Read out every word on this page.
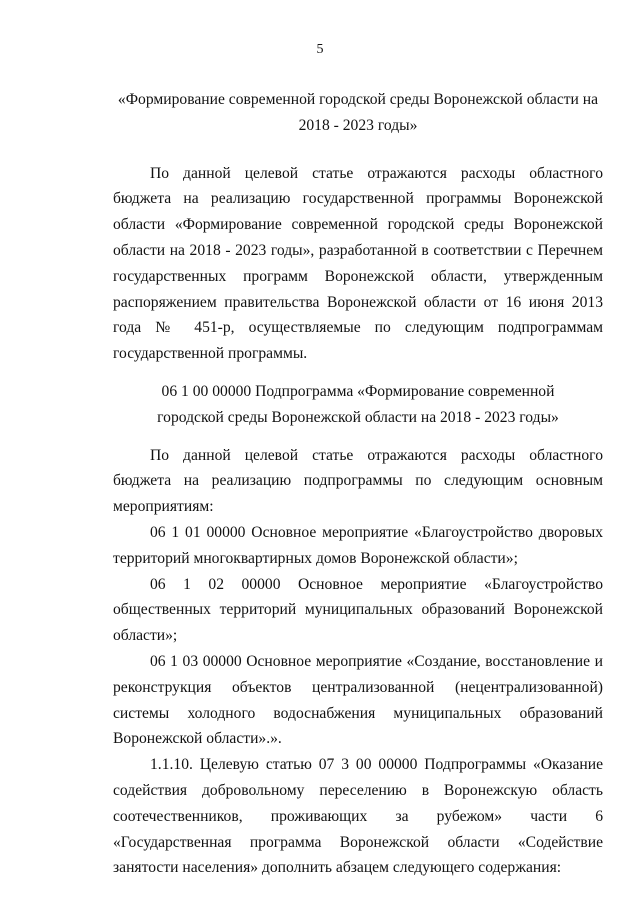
5

«Формирование современной городской среды Воронежской области на 2018 - 2023 годы»

По данной целевой статье отражаются расходы областного бюджета на реализацию государственной программы Воронежской области «Формирование современной городской среды Воронежской области на 2018 - 2023 годы», разработанной в соответствии с Перечнем государственных программ Воронежской области, утвержденным распоряжением правительства Воронежской области от 16 июня 2013 года № 451-р, осуществляемые по следующим подпрограммам государственной программы.

06 1 00 00000 Подпрограмма «Формирование современной городской среды Воронежской области на 2018 - 2023 годы»

По данной целевой статье отражаются расходы областного бюджета на реализацию подпрограммы по следующим основным мероприятиям:

06 1 01 00000 Основное мероприятие «Благоустройство дворовых территорий многоквартирных домов Воронежской области»;

06 1 02 00000 Основное мероприятие «Благоустройство общественных территорий муниципальных образований Воронежской области»;

06 1 03 00000 Основное мероприятие «Создание, восстановление и реконструкция объектов централизованной (нецентрализованной) системы холодного водоснабжения муниципальных образований Воронежской области».».

1.1.10. Целевую статью 07 3 00 00000 Подпрограммы «Оказание содействия добровольному переселению в Воронежскую область соотечественников, проживающих за рубежом» части 6 «Государственная программа Воронежской области «Содействие занятости населения» дополнить абзацем следующего содержания:
